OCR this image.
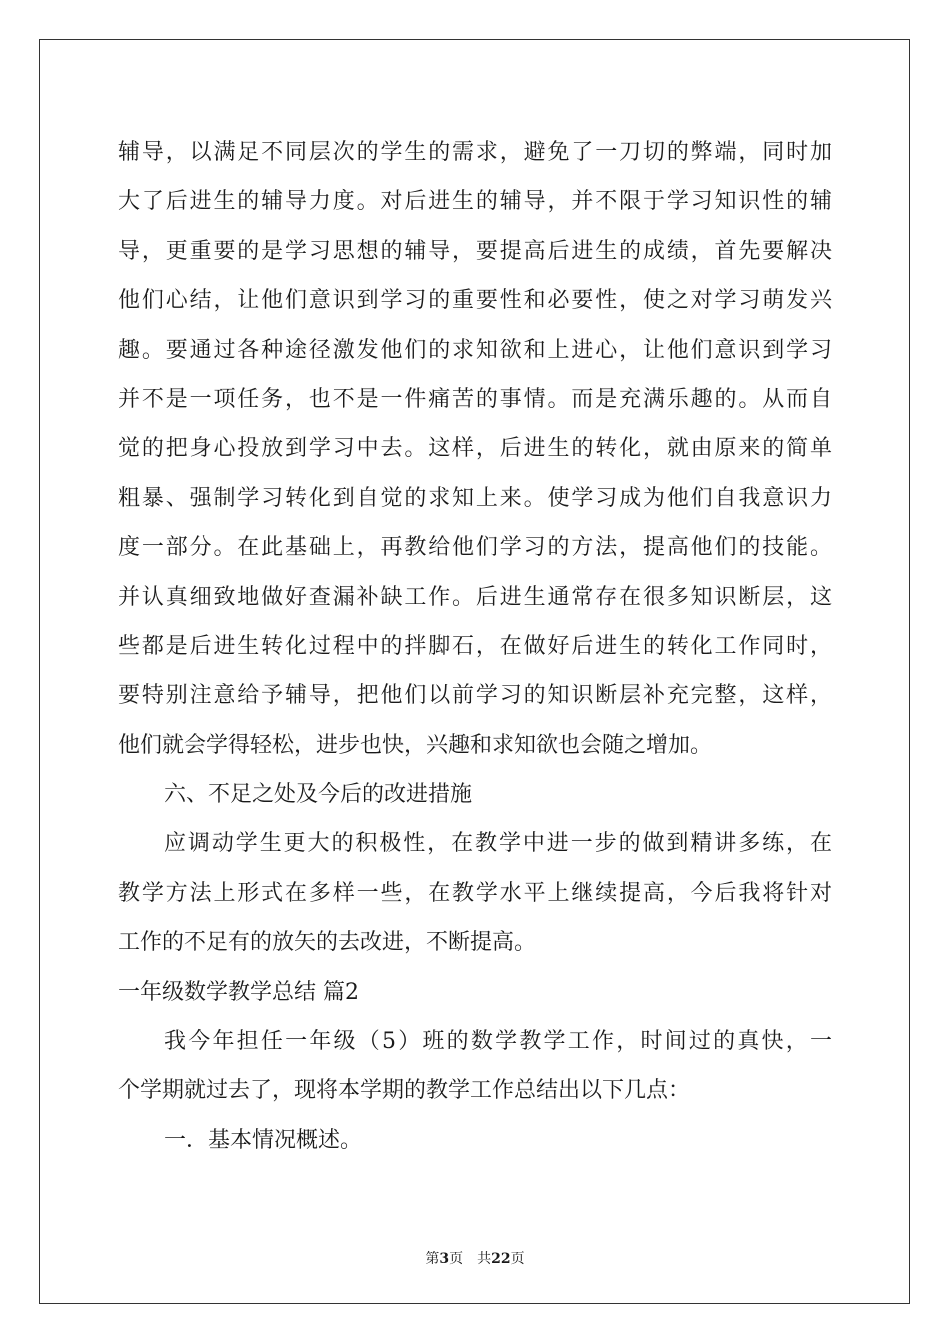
辅导，以满足不同层次的学生的需求，避免了一刀切的弊端，同时加
大了后进生的辅导力度。对后进生的辅导，并不限于学习知识性的辅
导，更重要的是学习思想的辅导，要提高后进生的成绩，首先要解决
他们心结，让他们意识到学习的重要性和必要性，使之对学习萌发兴
趣。要通过各种途径激发他们的求知欲和上进心，让他们意识到学习
并不是一项任务，也不是一件痛苦的事情。而是充满乐趣的。从而自
觉的把身心投放到学习中去。这样，后进生的转化，就由原来的简单
粗暴、强制学习转化到自觉的求知上来。使学习成为他们自我意识力
度一部分。在此基础上，再教给他们学习的方法，提高他们的技能。
并认真细致地做好查漏补缺工作。后进生通常存在很多知识断层，这
些都是后进生转化过程中的拌脚石，在做好后进生的转化工作同时，
要特别注意给予辅导，把他们以前学习的知识断层补充完整，这样，
他们就会学得轻松，进步也快，兴趣和求知欲也会随之增加。
六、不足之处及今后的改进措施
应调动学生更大的积极性，在教学中进一步的做到精讲多练，在
教学方法上形式在多样一些，在教学水平上继续提高，今后我将针对
工作的不足有的放矢的去改进，不断提高。
一年级数学教学总结 篇2
我今年担任一年级（5）班的数学教学工作，时间过的真快，一
个学期就过去了，现将本学期的教学工作总结出以下几点：
一．基本情况概述。
第3页 共22页
